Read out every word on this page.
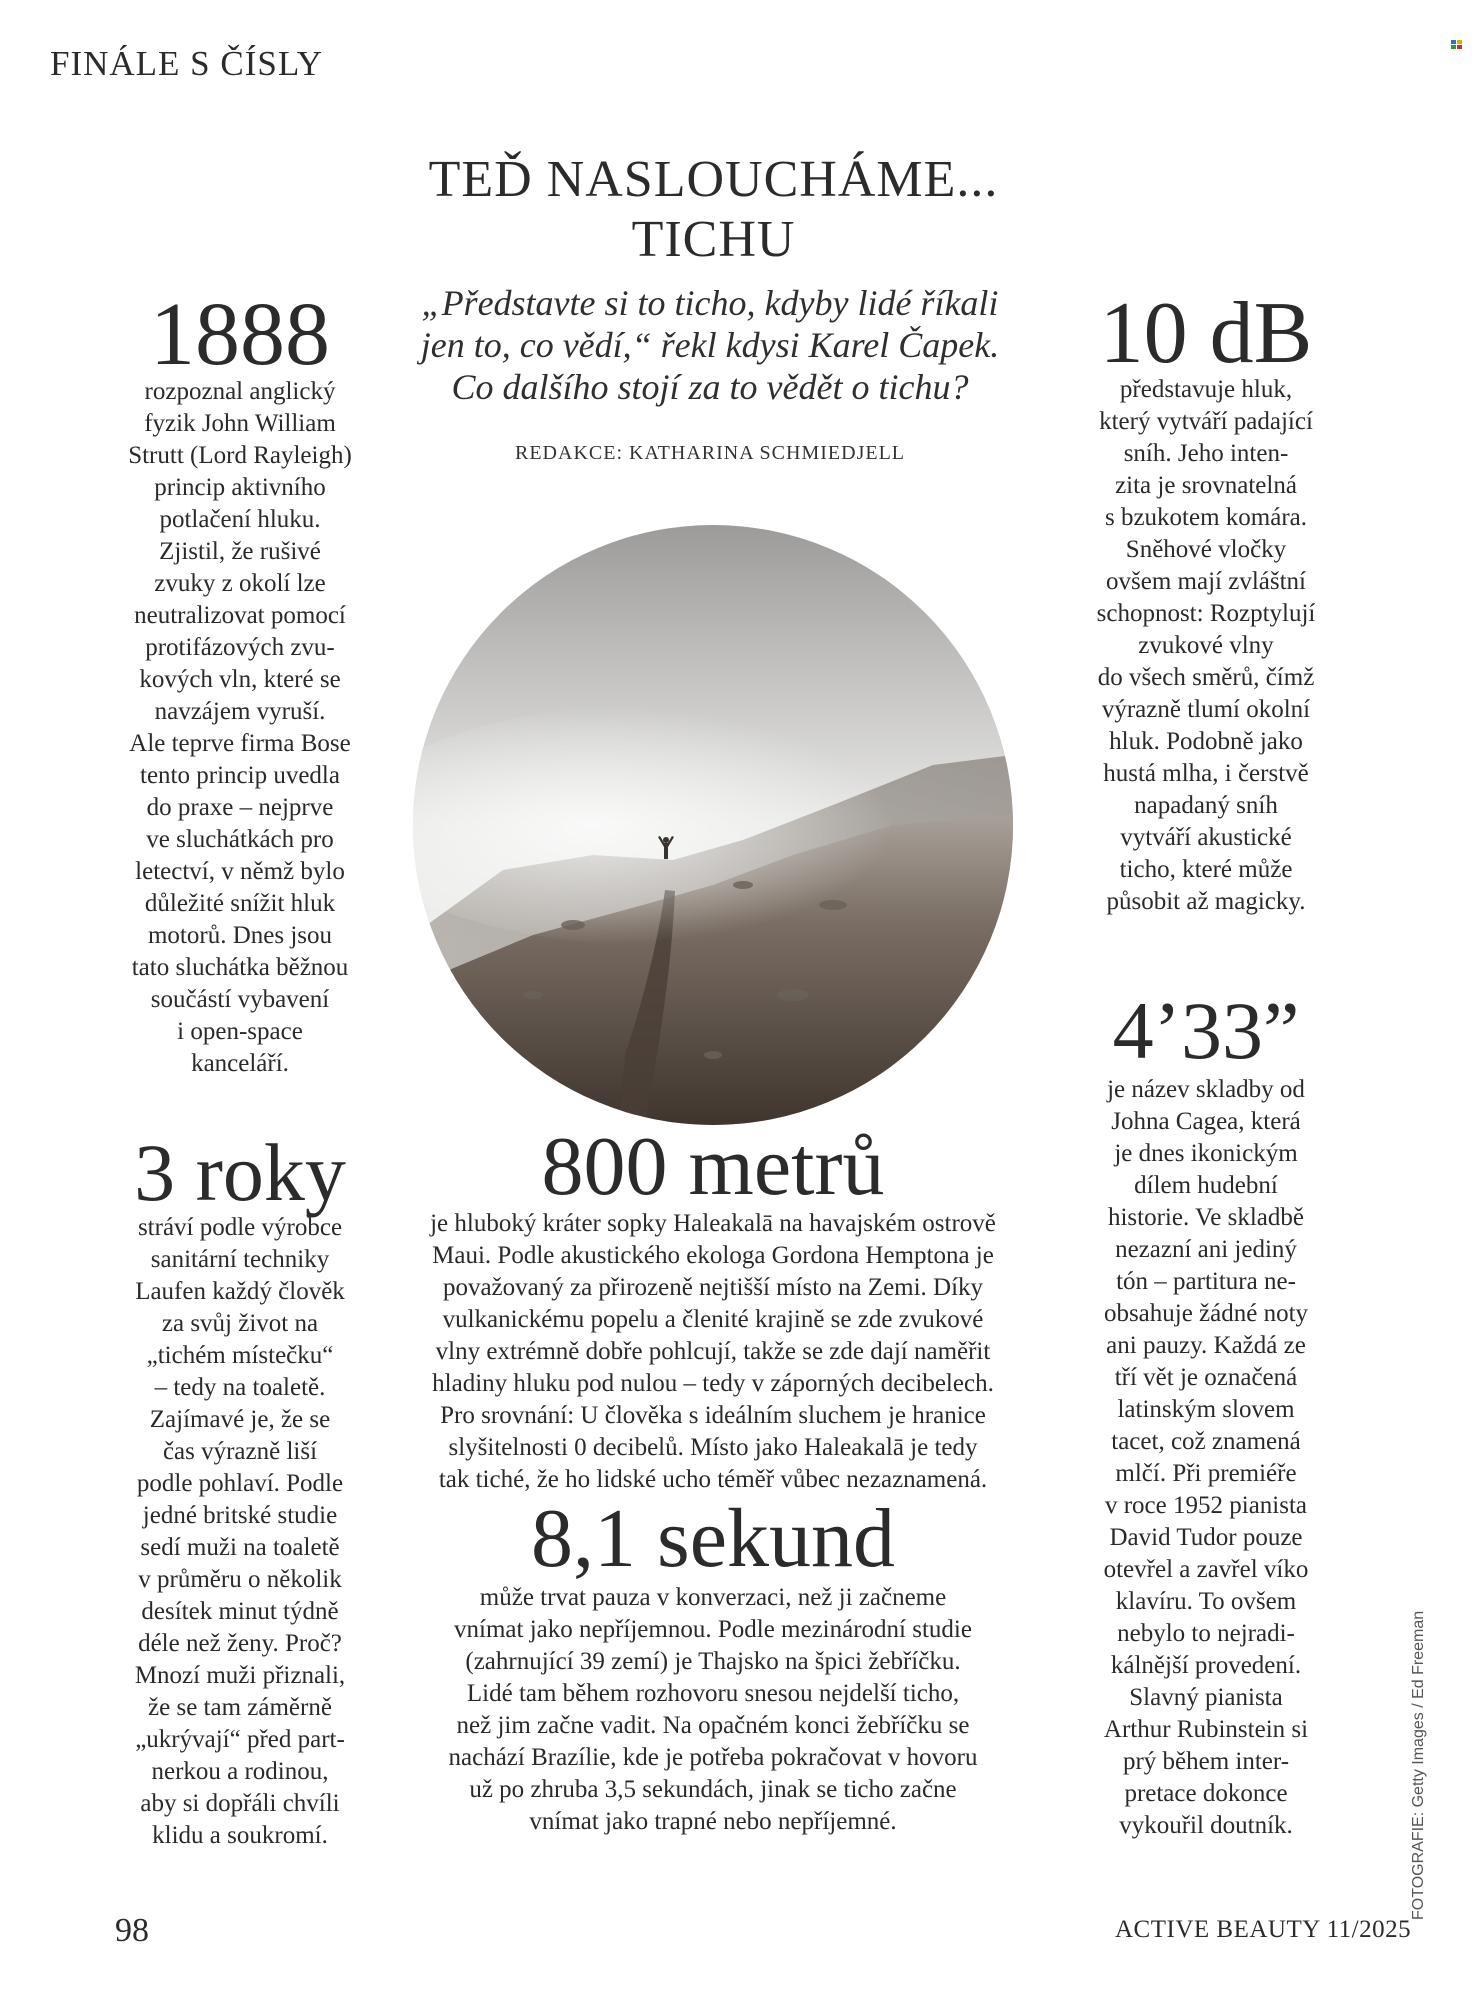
FINÁLE S ČÍSLY
TEĎ NASLOUCHÁME...
TICHU
„Představte si to ticho, kdyby lidé říkali
jen to, co vědí,“ řekl kdysi Karel Čapek.
Co dalšího stojí za to vědět o tichu?
REDAKCE: KATHARINA SCHMIEDJELL
1888
rozpoznal anglický
fyzik John William
Strutt (Lord Rayleigh)
princip aktivního
potlačení hluku.
Zjistil, že rušivé
zvuky z okolí lze
neutralizovat pomocí
protifázových zvu-
kových vln, které se
navzájem vyruší.
Ale teprve firma Bose
tento princip uvedla
do praxe – nejprve
ve sluchátkách pro
letectví, v němž bylo
důležité snížit hluk
motorů. Dnes jsou
tato sluchátka běžnou
součástí vybavení
i open-space
kanceláří.
3 roky
stráví podle výrobce
sanitární techniky
Laufen každý člověk
za svůj život na
„tichém místečku“
– tedy na toaletě.
Zajímavé je, že se
čas výrazně liší
podle pohlaví. Podle
jedné britské studie
sedí muži na toaletě
v průměru o několik
desítek minut týdně
déle než ženy. Proč?
Mnozí muži přiznali,
že se tam záměrně
„ukrývají“ před part-
nerkou a rodinou,
aby si dopřáli chvíli
klidu a soukromí.
10 dB
představuje hluk,
který vytváří padající
sníh. Jeho inten-
zita je srovnatelná
s bzukotem komára.
Sněhové vločky
ovšem mají zvláštní
schopnost: Rozptylují
zvukové vlny
do všech směrů, čímž
výrazně tlumí okolní
hluk. Podobně jako
hustá mlha, i čerstvě
napadaný sníh
vytváří akustické
ticho, které může
působit až magicky.
4’33”
je název skladby od
Johna Cagea, která
je dnes ikonickým
dílem hudební
historie. Ve skladbě
nezazní ani jediný
tón – partitura ne-
obsahuje žádné noty
ani pauzy. Každá ze
tří vět je označená
latinským slovem
tacet, což znamená
mlčí. Při premiéře
v roce 1952 pianista
David Tudor pouze
otevřel a zavřel víko
klavíru. To ovšem
nebylo to nejradi-
kálnější provedení.
Slavný pianista
Arthur Rubinstein si
prý během inter-
pretace dokonce
vykouřil doutník.
800 metrů
je hluboký kráter sopky Haleakalā na havajském ostrově
Maui. Podle akustického ekologa Gordona Hemptona je
považovaný za přirozeně nejtišší místo na Zemi. Díky
vulkanickému popelu a členité krajině se zde zvukové
vlny extrémně dobře pohlcují, takže se zde dají naměřit
hladiny hluku pod nulou – tedy v záporných decibelech.
Pro srovnání: U člověka s ideálním sluchem je hranice
slyšitelnosti 0 decibelů. Místo jako Haleakalā je tedy
tak tiché, že ho lidské ucho téměř vůbec nezaznamená.
8,1 sekund
může trvat pauza v konverzaci, než ji začneme
vnímat jako nepříjemnou. Podle mezinárodní studie
(zahrnující 39 zemí) je Thajsko na špici žebříčku.
Lidé tam během rozhovoru snesou nejdelší ticho,
než jim začne vadit. Na opačném konci žebříčku se
nachází Brazílie, kde je potřeba pokračovat v hovoru
už po zhruba 3,5 sekundách, jinak se ticho začne
vnímat jako trapné nebo nepříjemné.	FOTOGRAFIE: Getty Images / Ed Freeman
98	ACTIVE BEAUTY 11/2025
